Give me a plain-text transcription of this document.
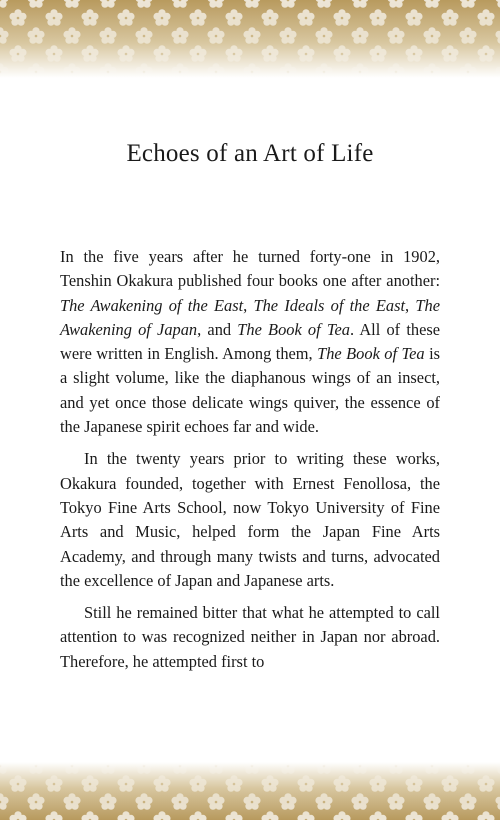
Echoes of an Art of Life

In the five years after he turned forty-one in 1902, Tenshin Okakura published four books one after another: The Awakening of the East, The Ideals of the East, The Awakening of Japan, and The Book of Tea. All of these were written in English. Among them, The Book of Tea is a slight volume, like the diaphanous wings of an insect, and yet once those delicate wings quiver, the essence of the Japanese spirit echoes far and wide.

In the twenty years prior to writing these works, Okakura founded, together with Ernest Fenollosa, the Tokyo Fine Arts School, now Tokyo University of Fine Arts and Music, helped form the Japan Fine Arts Academy, and through many twists and turns, advocated the excellence of Japan and Japanese arts.

Still he remained bitter that what he attempted to call attention to was recognized neither in Japan nor abroad. Therefore, he attempted first to
